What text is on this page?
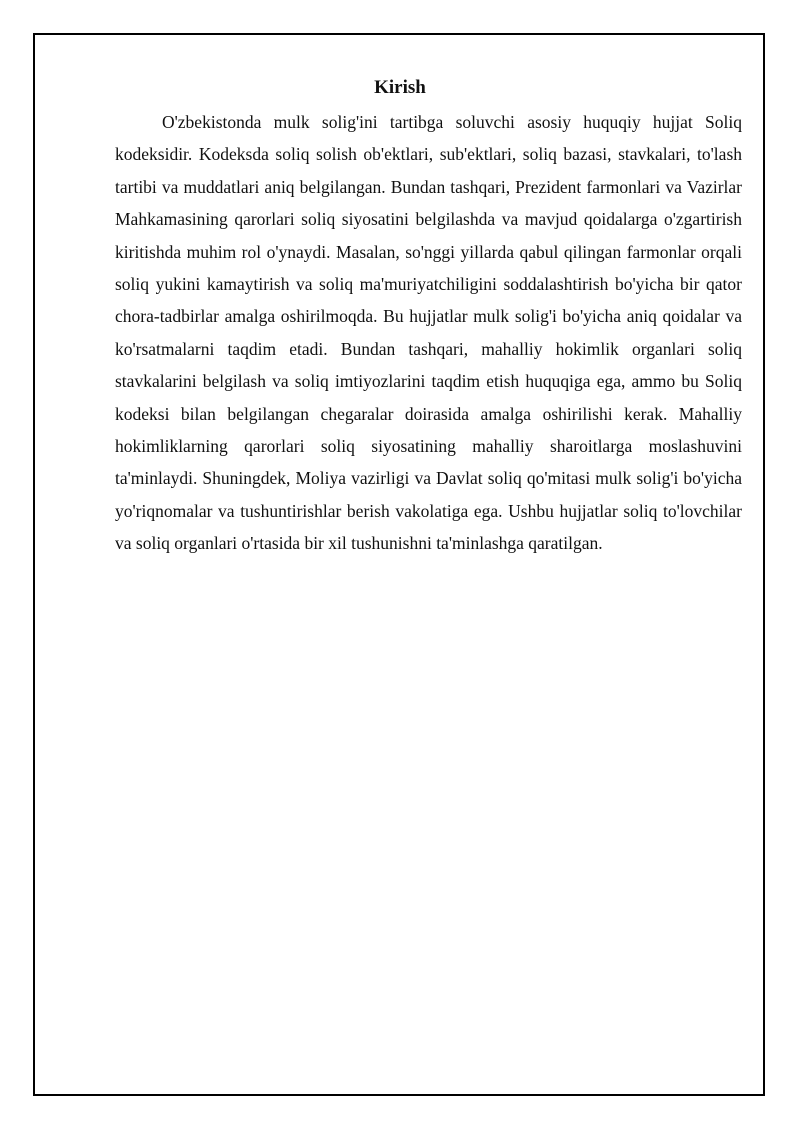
Kirish

O'zbekistonda mulk solig'ini tartibga soluvchi asosiy huquqiy hujjat Soliq kodeksidir. Kodeksda soliq solish ob'ektlari, sub'ektlari, soliq bazasi, stavkalari, to'lash tartibi va muddatlari aniq belgilangan. Bundan tashqari, Prezident farmonlari va Vazirlar Mahkamasining qarorlari soliq siyosatini belgilashda va mavjud qoidalarga o'zgartirish kiritishda muhim rol o'ynaydi. Masalan, so'nggi yillarda qabul qilingan farmonlar orqali soliq yukini kamaytirish va soliq ma'muriyatchiligini soddalashtirish bo'yicha bir qator chora-tadbirlar amalga oshirilmoqda. Bu hujjatlar mulk solig'i bo'yicha aniq qoidalar va ko'rsatmalarni taqdim etadi. Bundan tashqari, mahalliy hokimlik organlari soliq stavkalarini belgilash va soliq imtiyozlarini taqdim etish huquqiga ega, ammo bu Soliq kodeksi bilan belgilangan chegaralar doirasida amalga oshirilishi kerak. Mahalliy hokimliklarning qarorlari soliq siyosatining mahalliy sharoitlarga moslashuvini ta'minlaydi. Shuningdek, Moliya vazirligi va Davlat soliq qo'mitasi mulk solig'i bo'yicha yo'riqnomalar va tushuntirishlar berish vakolatiga ega. Ushbu hujjatlar soliq to'lovchilar va soliq organlari o'rtasida bir xil tushunishni ta'minlashga qaratilgan.
